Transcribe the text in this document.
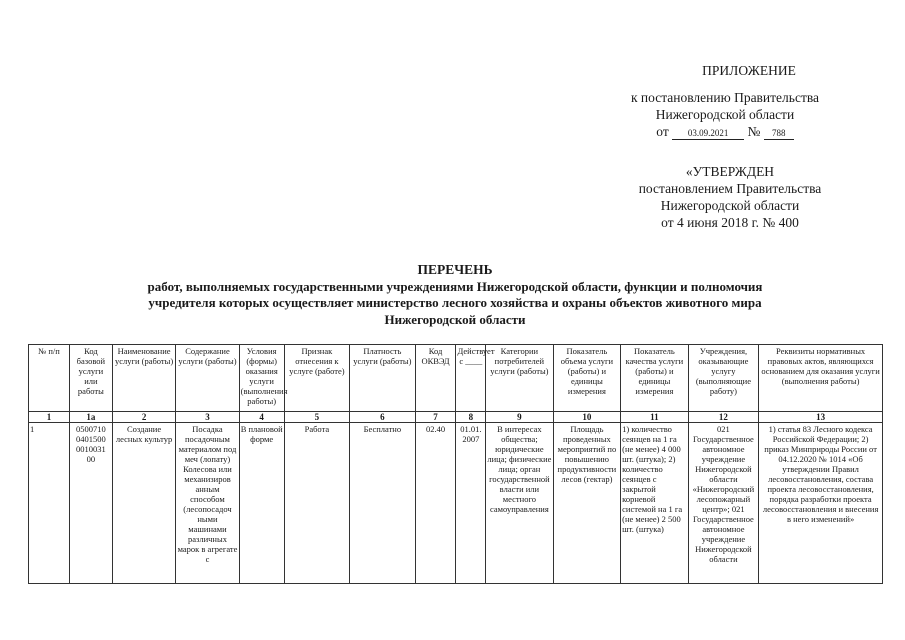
ПРИЛОЖЕНИЕ
к постановлению Правительства
Нижегородской области
от 03.09.2021 № 788
«УТВЕРЖДЕН
постановлением Правительства
Нижегородской области
от 4 июня 2018 г. № 400
ПЕРЕЧЕНЬ
работ, выполняемых государственными учреждениями Нижегородской области, функции и полномочия
учредителя которых осуществляет министерство лесного хозяйства и охраны объектов животного мира
Нижегородской области
№ п/п	Код базовой услуги или работы	Наименование услуги (работы)	Содержание услуги (работы)	Условия (формы) оказания услуги (выполнения работы)	Признак отнесения к услуге (работе)	Платность услуги (работы)	Код ОКВЭД	Действует с ____	Категории потребителей услуги (работы)	Показатель объема услуги (работы) и единицы измерения	Показатель качества услуги (работы) и единицы измерения	Учреждения, оказывающие услугу (выполняющие работу)	Реквизиты нормативных правовых актов, являющихся основанием для оказания услуги (выполнения работы)
1	1а	2	3	4	5	6	7	8	9	10	11	12	13
1	0500710 0401500 0010031 00	Создание лесных культур	Посадка посадочным материалом под меч (лопату) Колесова или механизиров анным способом (лесопосадоч ными машинами различных марок в агрегате с	В плановой форме	Работа	Бесплатно	02.40	01.01. 2007	В интересах общества; юридические лица; физические лица; орган государственной власти или местного самоуправления	Площадь проведенных мероприятий по повышению продуктивности лесов (гектар)	1) количество сеянцев на 1 га (не менее) 4 000 шт. (штука); 2) количество сеянцев с закрытой корневой системой на 1 га (не менее) 2 500 шт. (штука)	021 Государственное автономное учреждение Нижегородской области «Нижегородский лесопожарный центр»; 021 Государственное автономное учреждение Нижегородской области	1) статья 83 Лесного кодекса Российской Федерации; 2) приказ Минприроды России от 04.12.2020 № 1014 «Об утверждении Правил лесовосстановления, состава проекта лесовосстановления, порядка разработки проекта лесовосстановления и внесения в него изменений»
